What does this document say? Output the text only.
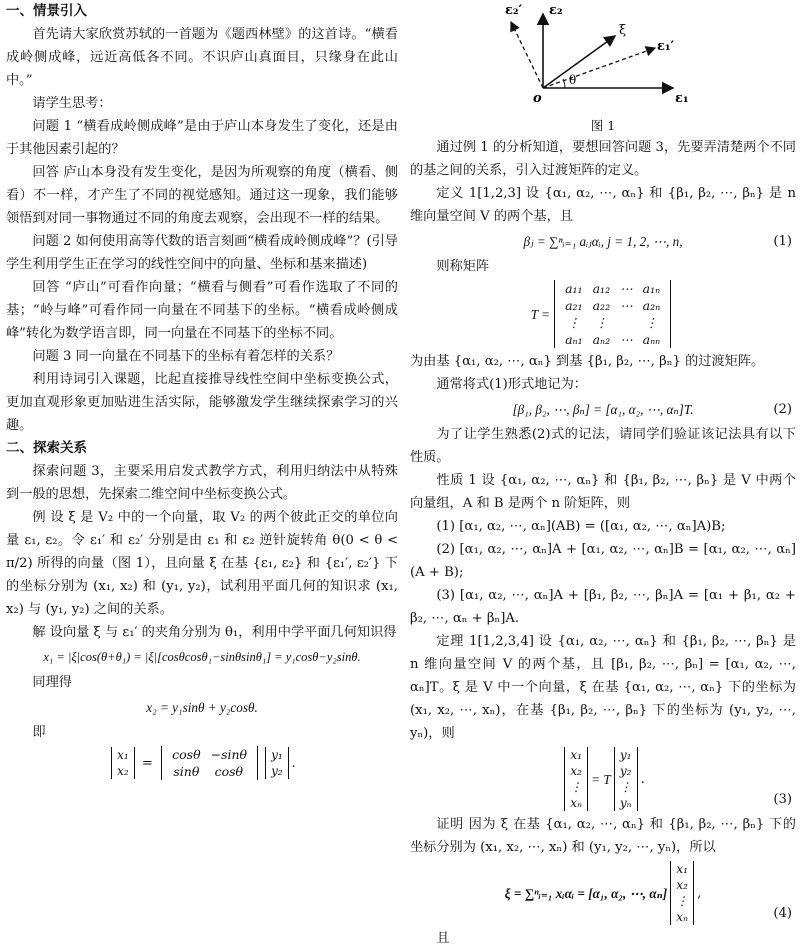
一、情景引入

首先请大家欣赏苏轼的一首题为《题西林壁》的这首诗。“横看成岭侧成峰，远近高低各不同。不识庐山真面目，只缘身在此山中。”

请学生思考：

问题 1 “横看成岭侧成峰”是由于庐山本身发生了变化，还是由于其他因素引起的？

回答 庐山本身没有发生变化，是因为所观察的角度（横看、侧看）不一样，才产生了不同的视觉感知。通过这一现象，我们能够领悟到对同一事物通过不同的角度去观察，会出现不一样的结果。

问题 2 如何使用高等代数的语言刻画“横看成岭侧成峰”？(引导学生利用学生正在学习的线性空间中的向量、坐标和基来描述)

回答 “庐山”可看作向量；“横看与侧看”可看作选取了不同的基；“岭与峰”可看作同一向量在不同基下的坐标。“横看成岭侧成峰”转化为数学语言即，同一向量在不同基下的坐标不同。

问题 3 同一向量在不同基下的坐标有着怎样的关系？

利用诗词引入课题，比起直接推导线性空间中坐标变换公式，更加直观形象更加贴进生活实际，能够激发学生继续探索学习的兴趣。

二、探索关系

探索问题 3，主要采用启发式教学方式，利用归纳法中从特殊到一般的思想，先探索二维空间中坐标变换公式。

例 设 ξ 是 V₂ 中的一个向量，取 V₂ 的两个彼此正交的单位向量 ε₁, ε₂。令 ε₁′ 和 ε₂′ 分别是由 ε₁ 和 ε₂ 逆针旋转角 θ(0 < θ < π/2) 所得的向量（图 1），且向量 ξ 在基 {ε₁, ε₂} 和 {ε₁′, ε₂′} 下的坐标分别为 (x₁, x₂) 和 (y₁, y₂)，试利用平面几何的知识求 (x₁, x₂) 与 (y₁, y₂) 之间的关系。

解 设向量 ξ 与 ε₁′ 的夹角分别为 θ₁，利用中学平面几何知识得

x₁ = |ξ|cos(θ+θ₁) = |ξ|[cosθcosθ₁−sinθsinθ₁] = y₁cosθ−y₂sinθ.

同理得

x₂ = y₁sinθ + y₂cosθ.

即

x₁
x₂
=
cosθ	−sinθ
sinθ	cosθ
y₁
y₂
.
ε₂′ ε₂
ξ
ε₁′
θ
o	ε₁
图 1

通过例 1 的分析知道，要想回答问题 3，先要弄清楚两个不同的基之间的关系，引入过渡矩阵的定义。

定义 1[1,2,3] 设 {α₁, α₂, ⋯, αₙ} 和 {β₁, β₂, ⋯, βₙ} 是 n 维向量空间 V 的两个基，且

βⱼ = ∑ⁿᵢ₌₁ aᵢⱼαᵢ, j = 1, 2, ⋯, n,	(1)

则称矩阵

T =
a₁₁	a₁₂	⋯	a₁ₙ
a₂₁	a₂₂	⋯	a₂ₙ
⋮	⋮		⋮
aₙ₁	aₙ₂	⋯	aₙₙ

为由基 {α₁, α₂, ⋯, αₙ} 到基 {β₁, β₂, ⋯, βₙ} 的过渡矩阵。

通常将式(1)形式地记为：

[β₁, β₂, ⋯, βₙ] = [α₁, α₂, ⋯, αₙ]T.	(2)

为了让学生熟悉(2)式的记法，请同学们验证该记法具有以下性质。

性质 1 设 {α₁, α₂, ⋯, αₙ} 和 {β₁, β₂, ⋯, βₙ} 是 V 中两个向量组，A 和 B 是两个 n 阶矩阵，则

(1) [α₁, α₂, ⋯, αₙ](AB) = ([α₁, α₂, ⋯, αₙ]A)B;

(2) [α₁, α₂, ⋯, αₙ]A + [α₁, α₂, ⋯, αₙ]B = [α₁, α₂, ⋯, αₙ](A + B);

(3) [α₁, α₂, ⋯, αₙ]A + [β₁, β₂, ⋯, βₙ]A = [α₁ + β₁, α₂ + β₂, ⋯, αₙ + βₙ]A.

定理 1[1,2,3,4] 设 {α₁, α₂, ⋯, αₙ} 和 {β₁, β₂, ⋯, βₙ} 是 n 维向量空间 V 的两个基，且 [β₁, β₂, ⋯, βₙ] = [α₁, α₂, ⋯, αₙ]T。ξ 是 V 中一个向量，ξ 在基 {α₁, α₂, ⋯, αₙ} 下的坐标为 (x₁, x₂, ⋯, xₙ)，在基 {β₁, β₂, ⋯, βₙ} 下的坐标为 (y₁, y₂, ⋯, yₙ)，则

x₁
x₂
⋮
xₙ
= T
y₁
y₂
⋮
yₙ
.
(3)

证明 因为 ξ 在基 {α₁, α₂, ⋯, αₙ} 和 {β₁, β₂, ⋯, βₙ} 下的坐标分别为 (x₁, x₂, ⋯, xₙ) 和 (y₁, y₂, ⋯, yₙ)，所以

ξ = ∑ⁿᵢ₌₁ xᵢαᵢ = [α₁, α₂, ⋯, αₙ]
x₁
x₂
⋮
xₙ
,
(4)

且
